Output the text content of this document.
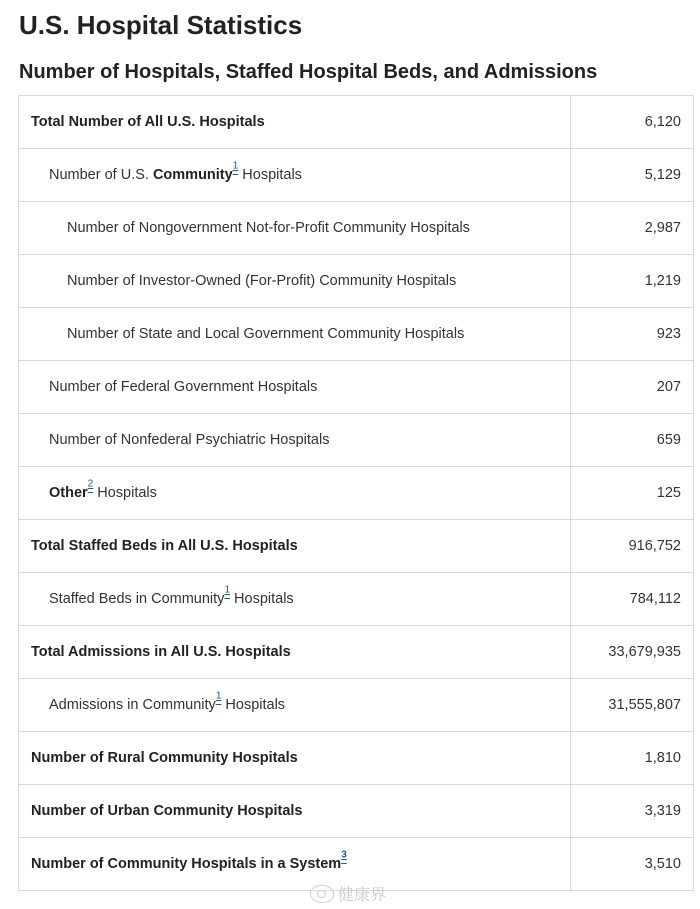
U.S. Hospital Statistics
Number of Hospitals, Staffed Hospital Beds, and Admissions
Total Number of All U.S. Hospitals	6,120
Number of U.S. Community$^1$ Hospitals	5,129
Number of Nongovernment Not-for-Profit Community Hospitals	2,987
Number of Investor-Owned (For-Profit) Community Hospitals	1,219
Number of State and Local Government Community Hospitals	923
Number of Federal Government Hospitals	207
Number of Nonfederal Psychiatric Hospitals	659
Other$^2$ Hospitals	125
Total Staffed Beds in All U.S. Hospitals	916,752
Staffed Beds in Community$^1$ Hospitals	784,112
Total Admissions in All U.S. Hospitals	33,679,935
Admissions in Community$^1$ Hospitals	31,555,807
Number of Rural Community Hospitals	1,810
Number of Urban Community Hospitals	3,319
Number of Community Hospitals in a System$^3$	3,510
健康界
